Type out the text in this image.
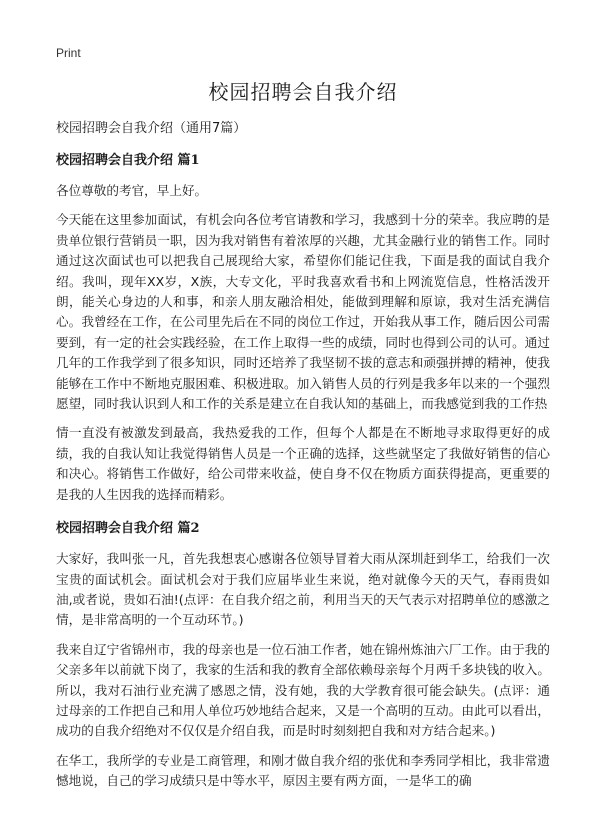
Print
校园招聘会自我介绍
校园招聘会自我介绍（通用7篇）
校园招聘会自我介绍 篇1

各位尊敬的考官，早上好。

今天能在这里参加面试，有机会向各位考官请教和学习，我感到十分的荣幸。我应聘的是贵单位银行营销员一职，因为我对销售有着浓厚的兴趣，尤其金融行业的销售工作。同时通过这次面试也可以把我自己展现给大家，希望你们能记住我，下面是我的面试自我介绍。我叫，现年XX岁，X族，大专文化，平时我喜欢看书和上网流览信息，性格活泼开朗，能关心身边的人和事，和亲人朋友融洽相处，能做到理解和原谅，我对生活充满信心。我曾经在工作，在公司里先后在不同的岗位工作过，开始我从事工作，随后因公司需要到，有一定的社会实践经验，在工作上取得一些的成绩，同时也得到公司的认可。通过几年的工作我学到了很多知识，同时还培养了我坚韧不拔的意志和顽强拼搏的精神，使我能够在工作中不断地克服困难、积极进取。加入销售人员的行列是我多年以来的一个强烈愿望，同时我认识到人和工作的关系是建立在自我认知的基础上，而我感觉到我的工作热

情一直没有被激发到最高，我热爱我的工作，但每个人都是在不断地寻求取得更好的成绩，我的自我认知让我觉得销售人员是一个正确的选择，这些就坚定了我做好销售的信心和决心。将销售工作做好，给公司带来收益，使自身不仅在物质方面获得提高，更重要的是我的人生因我的选择而精彩。

校园招聘会自我介绍 篇2

大家好，我叫张一凡，首先我想衷心感谢各位领导冒着大雨从深圳赶到华工，给我们一次宝贵的面试机会。面试机会对于我们应届毕业生来说，绝对就像今天的天气，春雨贵如油,或者说，贵如石油!(点评：在自我介绍之前，利用当天的天气表示对招聘单位的感激之情，是非常高明的一个互动环节。)

我来自辽宁省锦州市，我的母亲也是一位石油工作者，她在锦州炼油六厂工作。由于我的父亲多年以前就下岗了，我家的生活和我的教育全部依赖母亲每个月两千多块钱的收入。所以，我对石油行业充满了感恩之情，没有她，我的大学教育很可能会缺失。(点评：通过母亲的工作把自己和用人单位巧妙地结合起来，又是一个高明的互动。由此可以看出，成功的自我介绍绝对不仅仅是介绍自我，而是时时刻刻把自我和对方结合起来。)

在华工，我所学的专业是工商管理，和刚才做自我介绍的张优和李秀同学相比，我非常遗憾地说，自己的学习成绩只是中等水平，原因主要有两方面，一是华工的确
